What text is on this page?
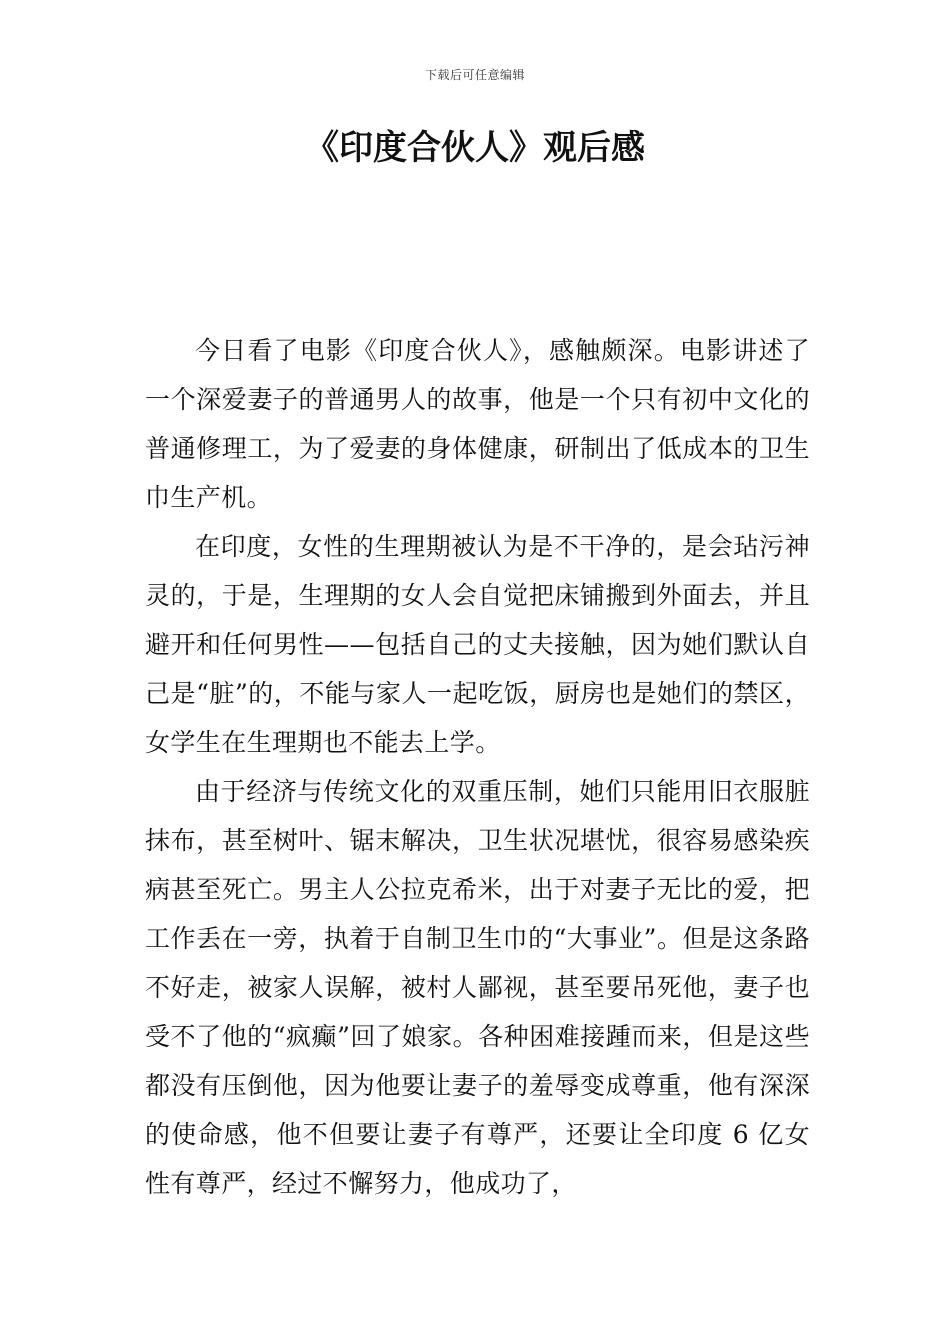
下载后可任意编辑
《印度合伙人》观后感

今日看了电影《印度合伙人》，感触颇深。电影讲述了一个深爱妻子的普通男人的故事，他是一个只有初中文化的普通修理工，为了爱妻的身体健康，研制出了低成本的卫生巾生产机。

在印度，女性的生理期被认为是不干净的，是会玷污神灵的，于是，生理期的女人会自觉把床铺搬到外面去，并且避开和任何男性——包括自己的丈夫接触，因为她们默认自己是“脏”的，不能与家人一起吃饭，厨房也是她们的禁区，女学生在生理期也不能去上学。

由于经济与传统文化的双重压制，她们只能用旧衣服脏抹布，甚至树叶、锯末解决，卫生状况堪忧，很容易感染疾病甚至死亡。男主人公拉克希米，出于对妻子无比的爱，把工作丢在一旁，执着于自制卫生巾的“大事业”。但是这条路不好走，被家人误解，被村人鄙视，甚至要吊死他，妻子也受不了他的“疯癫”回了娘家。各种困难接踵而来，但是这些都没有压倒他，因为他要让妻子的羞辱变成尊重，他有深深的使命感，他不但要让妻子有尊严，还要让全印度 6 亿女性有尊严，经过不懈努力，他成功了，
